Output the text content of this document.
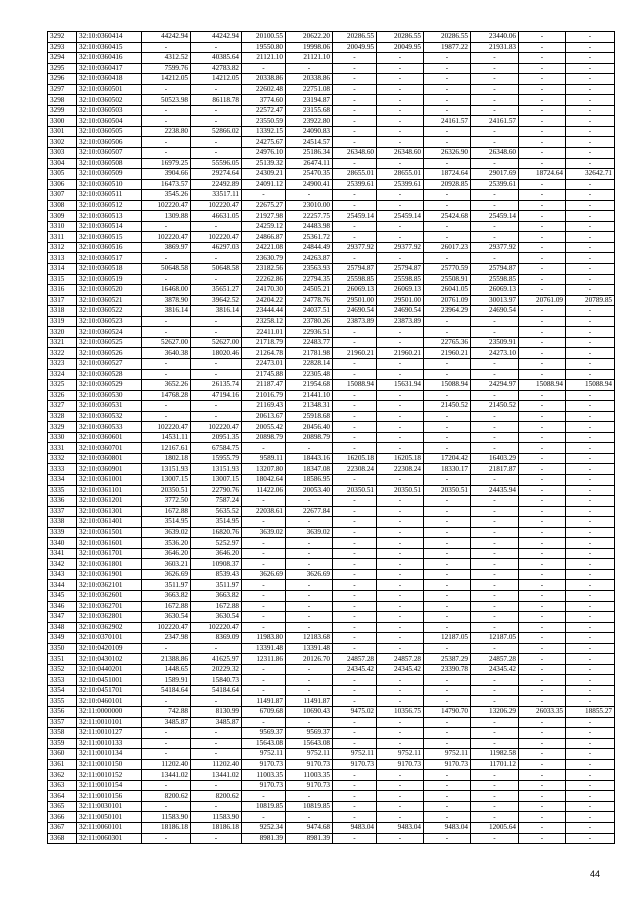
3292	32:10:0360414	44242.94	44242.94	20100.55	20622.20	20286.55	20286.55	20286.55	23440.06	-	-
3293	32:10:0360415	-	-	19550.80	19998.06	20049.95	20049.95	19877.22	21931.83	-	-
3294	32:10:0360416	4312.52	40385.64	21121.10	21121.10	-	-	-	-	-	-
3295	32:10:0360417	7599.76	42783.82	-	-	-	-	-	-	-	-
3296	32:10:0360418	14212.05	14212.05	20338.86	20338.86	-	-	-	-	-	-
3297	32:10:0360501	-	-	22602.48	22751.08	-	-	-	-	-	-
3298	32:10:0360502	50523.98	86118.78	3774.60	23194.87	-	-	-	-	-	-
3299	32:10:0360503	-	-	22572.47	23155.68	-	-	-	-	-	-
3300	32:10:0360504	-	-	23550.59	23922.80	-	-	24161.57	24161.57	-	-
3301	32:10:0360505	2238.80	52866.02	13392.15	24090.83	-	-	-	-	-	-
3302	32:10:0360506	-	-	24275.67	24514.57	-	-	-	-	-	-
3303	32:10:0360507	-	-	24976.10	25186.34	26348.60	26348.60	26326.90	26348.60	-	-
3304	32:10:0360508	16979.25	55596.05	25139.32	26474.11	-	-	-	-	-	-
3305	32:10:0360509	3904.66	29274.64	24309.21	25470.35	28655.01	28655.01	18724.64	29017.69	18724.64	32642.71
3306	32:10:0360510	16473.57	22492.89	24091.12	24900.41	25399.61	25399.61	20928.85	25399.61	-	-
3307	32:10:0360511	3545.26	33517.11	-	-	-	-	-	-	-	-
3308	32:10:0360512	102220.47	102220.47	22675.27	23010.00	-	-	-	-	-	-
3309	32:10:0360513	1309.88	46631.05	21927.98	22257.75	25459.14	25459.14	25424.68	25459.14	-	-
3310	32:10:0360514	-	-	24259.12	24483.98	-	-	-	-	-	-
3311	32:10:0360515	102220.47	102220.47	24866.87	25361.72	-	-	-	-	-	-
3312	32:10:0360516	3869.97	46297.03	24221.08	24844.49	29377.92	29377.92	26017.23	29377.92	-	-
3313	32:10:0360517	-	-	23630.79	24263.87	-	-	-	-	-	-
3314	32:10:0360518	50648.58	50648.58	23182.56	23563.93	25794.87	25794.87	25770.59	25794.87	-	-
3315	32:10:0360519	-	-	22262.86	22794.35	25598.85	25598.85	25508.91	25598.85	-	-
3316	32:10:0360520	16468.00	35651.27	24170.30	24505.21	26069.13	26069.13	26041.05	26069.13	-	-
3317	32:10:0360521	3878.90	39642.52	24204.22	24778.76	29501.00	29501.00	20761.09	30013.97	20761.09	20789.85
3318	32:10:0360522	3816.14	3816.14	23444.44	24037.51	24690.54	24690.54	23964.29	24690.54	-	-
3319	32:10:0360523	-	-	23258.12	23780.26	23873.89	23873.89	-	-	-	-
3320	32:10:0360524	-	-	22411.01	22936.51	-	-	-	-	-	-
3321	32:10:0360525	52627.00	52627.00	21718.79	22483.77	-	-	22765.36	23509.91	-	-
3322	32:10:0360526	3640.38	18020.46	21264.78	21781.98	21960.21	21960.21	21960.21	24273.10	-	-
3323	32:10:0360527	-	-	22473.01	22828.14	-	-	-	-	-	-
3324	32:10:0360528	-	-	21745.88	22305.48	-	-	-	-	-	-
3325	32:10:0360529	3652.26	26135.74	21187.47	21954.68	15088.94	15631.94	15088.94	24294.97	15088.94	15088.94
3326	32:10:0360530	14768.28	47194.16	21016.79	21441.10	-	-	-	-	-	-
3327	32:10:0360531	-	-	21169.43	21348.31	-	-	21450.52	21450.52	-	-
3328	32:10:0360532	-	-	20613.67	25918.68	-	-	-	-	-	-
3329	32:10:0360533	102220.47	102220.47	20055.42	20456.40	-	-	-	-	-	-
3330	32:10:0360601	14531.11	20951.35	20898.79	20898.79	-	-	-	-	-	-
3331	32:10:0360701	12167.61	67584.75	-	-	-	-	-	-	-	-
3332	32:10:0360801	1802.18	15955.79	9589.11	18443.16	16205.18	16205.18	17204.42	16403.29	-	-
3333	32:10:0360901	13151.93	13151.93	13207.80	18347.08	22308.24	22308.24	18330.17	21817.87	-	-
3334	32:10:0361001	13007.15	13007.15	18042.64	18586.95	-	-	-	-	-	-
3335	32:10:0361101	20350.51	22790.76	11422.06	20053.40	20350.51	20350.51	20350.51	24435.94	-	-
3336	32:10:0361201	3772.50	7587.24	-	-	-	-	-	-	-	-
3337	32:10:0361301	1672.88	5635.52	22038.61	22677.84	-	-	-	-	-	-
3338	32:10:0361401	3514.95	3514.95	-	-	-	-	-	-	-	-
3339	32:10:0361501	3639.02	16820.76	3639.02	3639.02	-	-	-	-	-	-
3340	32:10:0361601	3536.20	5252.97	-	-	-	-	-	-	-	-
3341	32:10:0361701	3646.20	3646.20	-	-	-	-	-	-	-	-
3342	32:10:0361801	3603.21	10908.37	-	-	-	-	-	-	-	-
3343	32:10:0361901	3626.69	8539.43	3626.69	3626.69	-	-	-	-	-	-
3344	32:10:0362101	3511.97	3511.97	-	-	-	-	-	-	-	-
3345	32:10:0362601	3663.82	3663.82	-	-	-	-	-	-	-	-
3346	32:10:0362701	1672.88	1672.88	-	-	-	-	-	-	-	-
3347	32:10:0362801	3630.54	3630.54	-	-	-	-	-	-	-	-
3348	32:10:0362902	102220.47	102220.47	-	-	-	-	-	-	-	-
3349	32:10:0370101	2347.98	8369.09	11983.80	12183.68	-	-	12187.05	12187.05	-	-
3350	32:10:0420109	-	-	13391.48	13391.48	-	-	-	-	-	-
3351	32:10:0430102	21388.86	41625.97	12311.86	20126.70	24857.28	24857.28	25387.29	24857.28	-	-
3352	32:10:0440201	1448.65	20229.32	-	-	24345.42	24345.42	23390.78	24345.42	-	-
3353	32:10:0451001	1589.91	15840.73	-	-	-	-	-	-	-	-
3354	32:10:0451701	54184.64	54184.64	-	-	-	-	-	-	-	-
3355	32:10:0460101	-	-	11491.87	11491.87	-	-	-	-	-	-
3356	32:11:0000000	742.88	8130.99	6709.68	10690.43	9475.02	10356.75	14790.70	13206.29	26033.35	18855.27
3357	32:11:0010101	3485.87	3485.87	-	-	-	-	-	-	-	-
3358	32:11:0010127	-	-	9569.37	9569.37	-	-	-	-	-	-
3359	32:11:0010133	-	-	15643.08	15643.08	-	-	-	-	-	-
3360	32:11:0010134	-	-	9752.11	9752.11	9752.11	9752.11	9752.11	11982.58	-	-
3361	32:11:0010150	11202.40	11202.40	9170.73	9170.73	9170.73	9170.73	9170.73	11701.12	-	-
3362	32:11:0010152	13441.02	13441.02	11003.35	11003.35	-	-	-	-	-	-
3363	32:11:0010154	-	-	9170.73	9170.73	-	-	-	-	-	-
3364	32:11:0010156	8200.62	8200.62	-	-	-	-	-	-	-	-
3365	32:11:0030101	-	-	10819.85	10819.85	-	-	-	-	-	-
3366	32:11:0050101	11583.90	11583.90	-	-	-	-	-	-	-	-
3367	32:11:0060101	18186.18	18186.18	9252.34	9474.68	9483.04	9483.04	9483.04	12005.64	-	-
3368	32:11:0060301	-	-	8981.39	8981.39	-	-	-	-	-	-
44
